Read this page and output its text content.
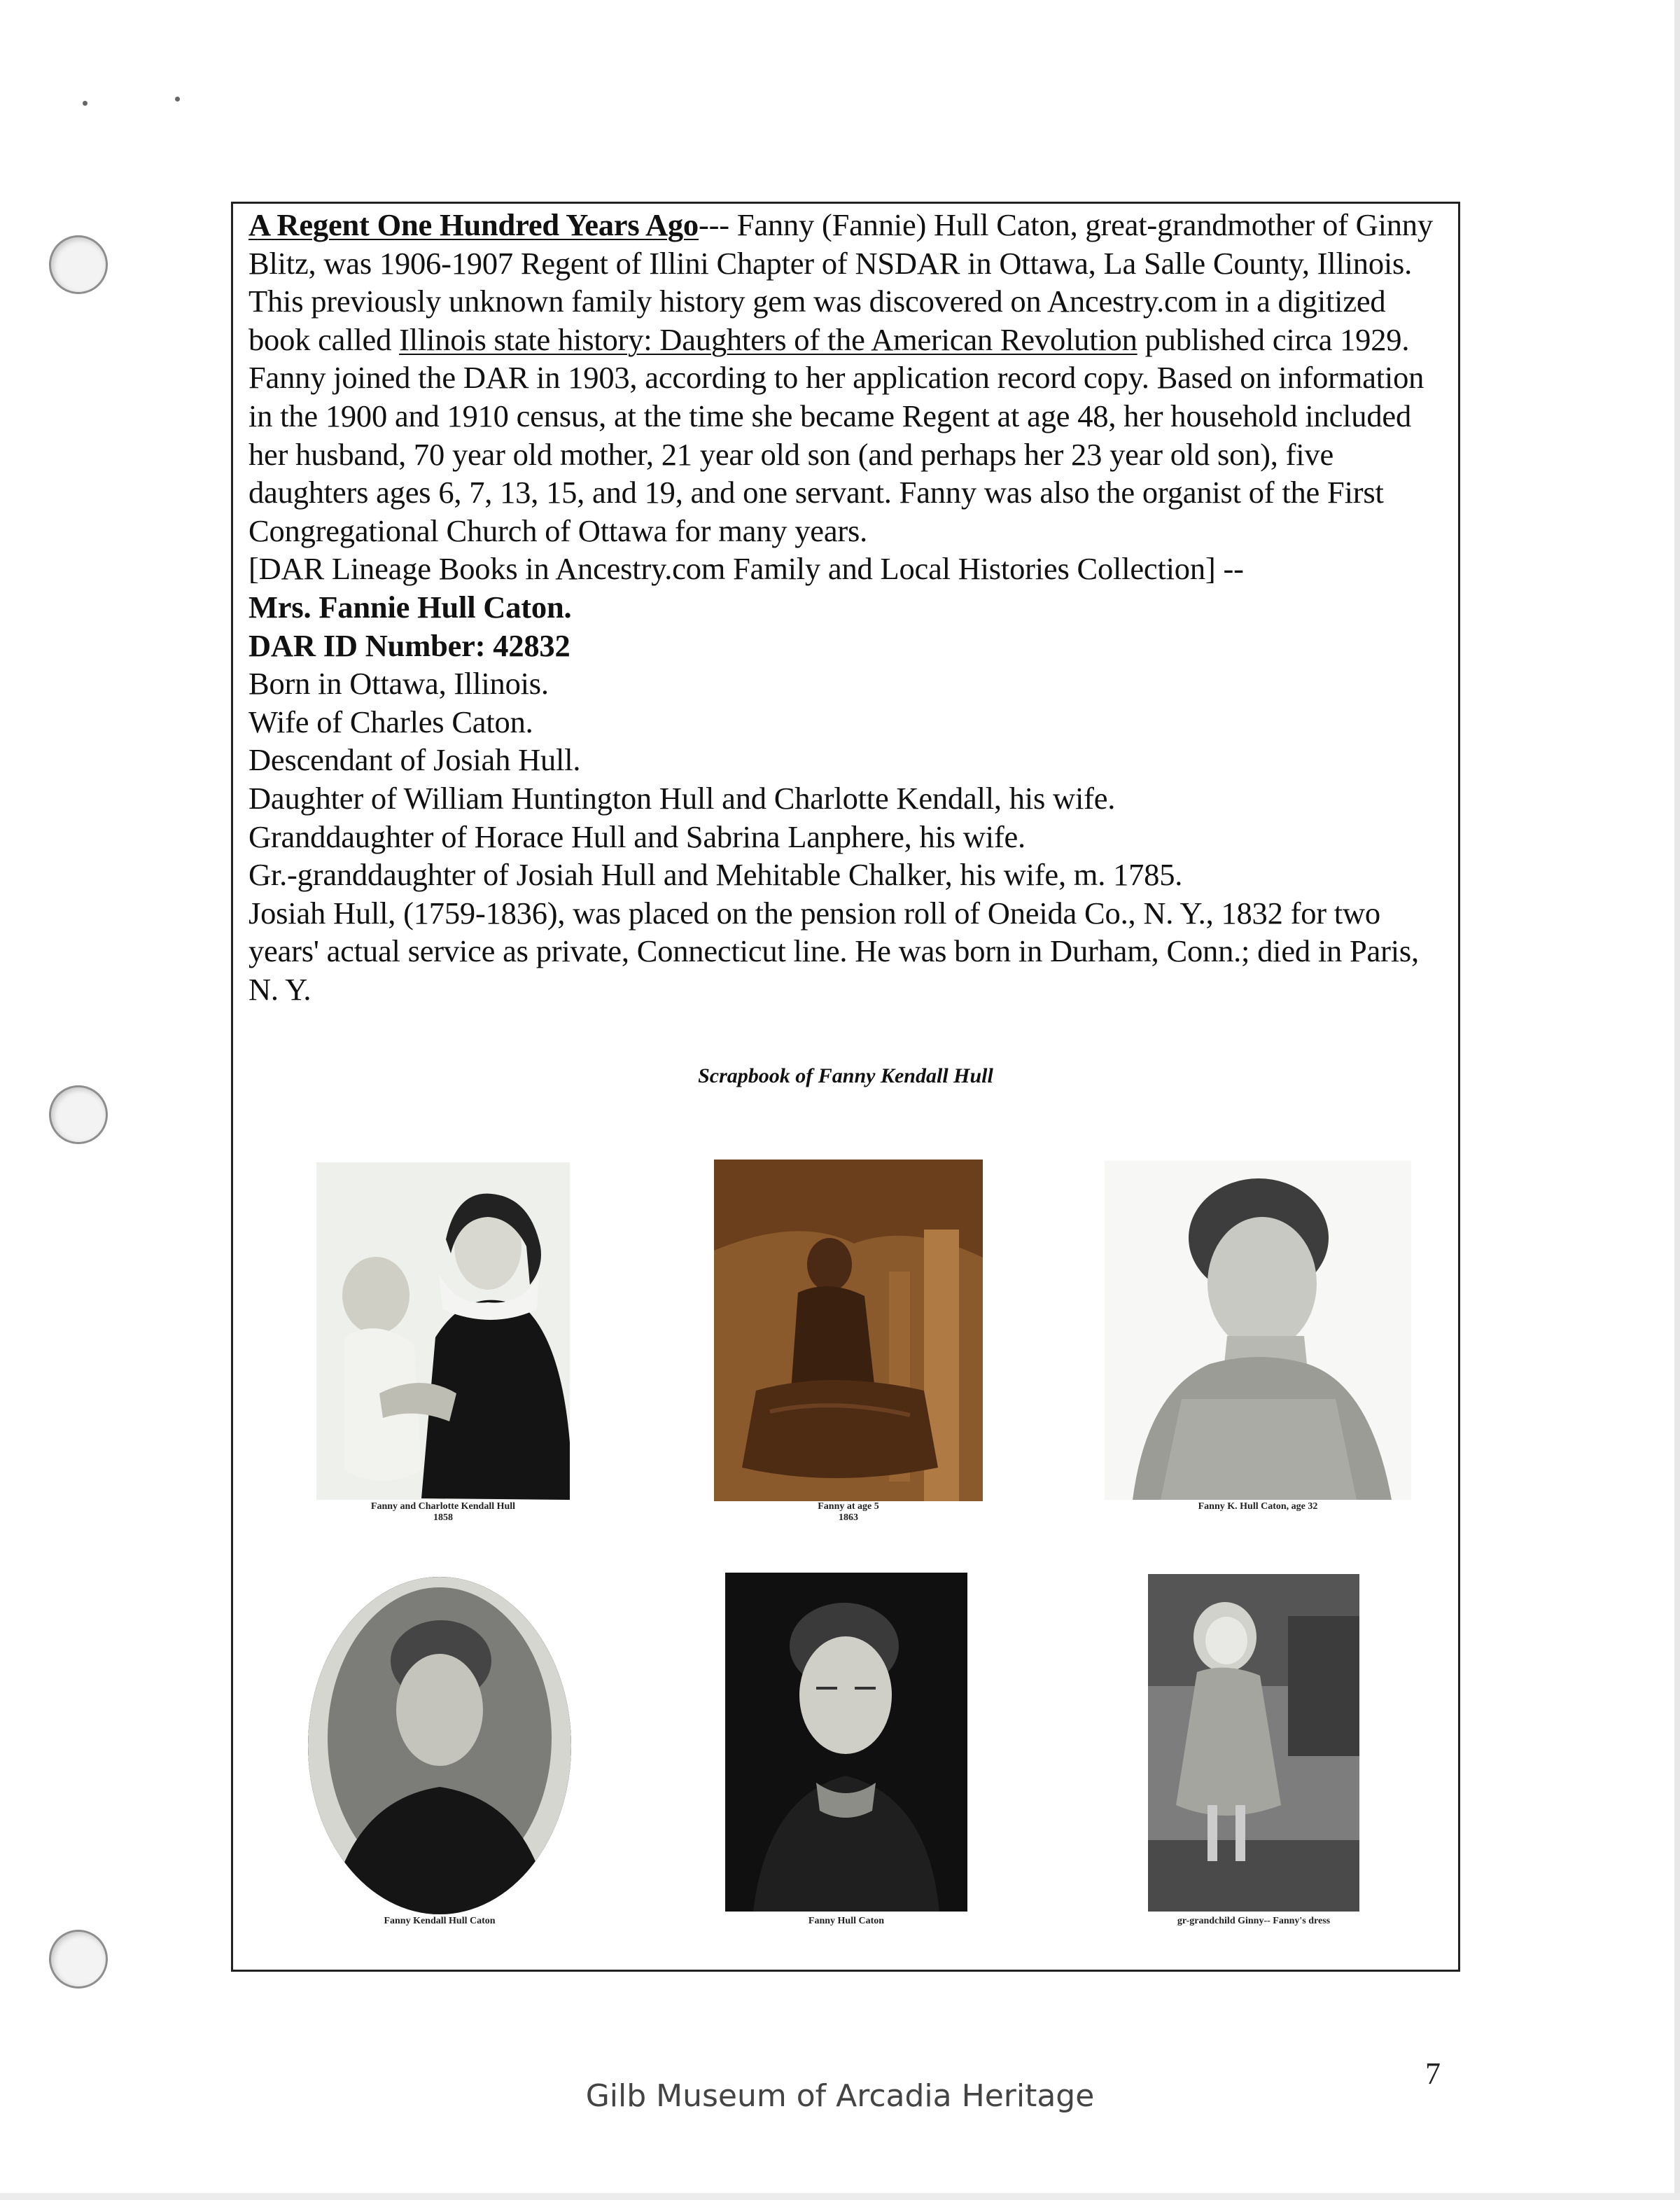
A Regent One Hundred Years Ago--- Fanny (Fannie) Hull Caton, great-grandmother of Ginny Blitz, was 1906-1907 Regent of Illini Chapter of NSDAR in Ottawa, La Salle County, Illinois. This previously unknown family history gem was discovered on Ancestry.com in a digitized book called Illinois state history: Daughters of the American Revolution published circa 1929. Fanny joined the DAR in 1903, according to her application record copy. Based on information in the 1900 and 1910 census, at the time she became Regent at age 48, her household included her husband, 70 year old mother, 21 year old son (and perhaps her 23 year old son), five daughters ages 6, 7, 13, 15, and 19, and one servant. Fanny was also the organist of the First Congregational Church of Ottawa for many years.

[DAR Lineage Books in Ancestry.com Family and Local Histories Collection] --

Mrs. Fannie Hull Caton.

DAR ID Number: 42832

Born in Ottawa, Illinois.

Wife of Charles Caton.

Descendant of Josiah Hull.

Daughter of William Huntington Hull and Charlotte Kendall, his wife.

Granddaughter of Horace Hull and Sabrina Lanphere, his wife.

Gr.-granddaughter of Josiah Hull and Mehitable Chalker, his wife, m. 1785.

Josiah Hull, (1759-1836), was placed on the pension roll of Oneida Co., N. Y., 1832 for two years' actual service as private, Connecticut line. He was born in Durham, Conn.; died in Paris, N. Y.

Scrapbook of Fanny Kendall Hull
Fanny and Charlotte Kendall Hull
1858
Fanny at age 5
1863
Fanny K. Hull Caton, age 32
Fanny Kendall Hull Caton	Fanny Hull Caton	gr-grandchild Ginny-- Fanny's dress
Gilb Museum of Arcadia Heritage
7
